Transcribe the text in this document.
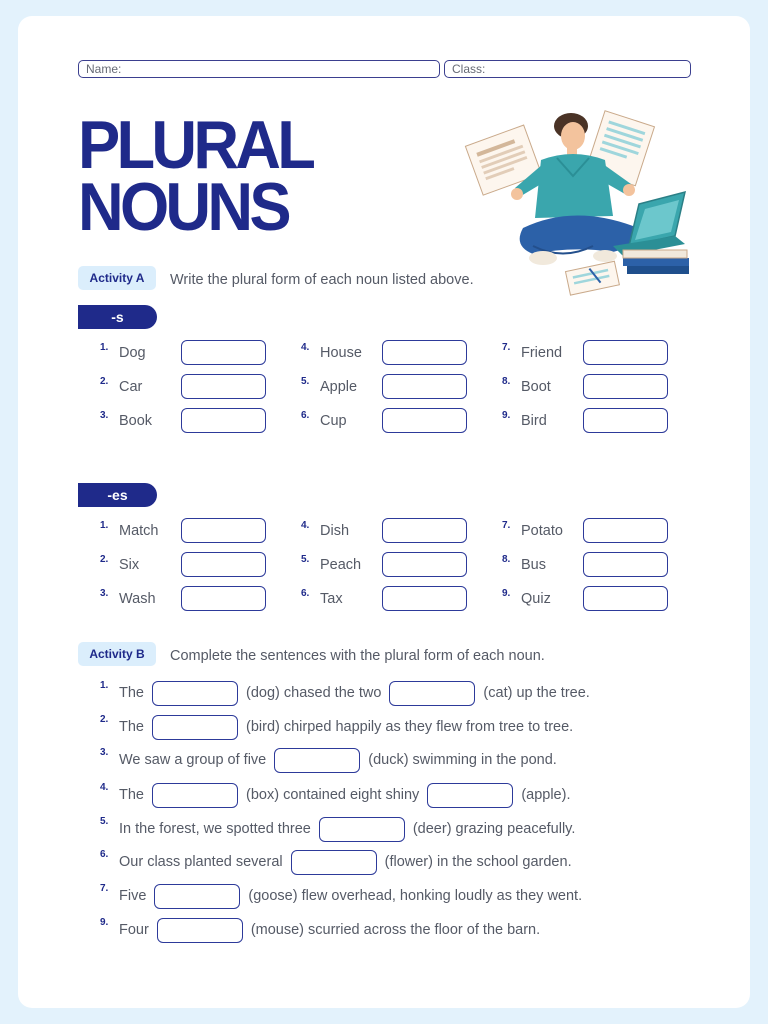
Name:	Class:
PLURAL
NOUNS
Activity A	Write the plural form of each noun listed above.
-s
1. Dog
2. Car
3. Book
4. House
5. Apple
6. Cup
7. Friend
8. Boot
9. Bird
-es
1. Match
2. Six
3. Wash
4. Dish
5. Peach
6. Tax
7. Potato
8. Bus
9. Quiz
Activity B	Complete the sentences with the plural form of each noun.
1. The	(dog) chased the two	(cat) up the tree.
2. The	(bird) chirped happily as they flew from tree to tree.
3. We saw a group of five	(duck) swimming in the pond.
4. The	(box) contained eight shiny	(apple).
5. In the forest, we spotted three	(deer) grazing peacefully.
6. Our class planted several	(flower) in the school garden.
7. Five	(goose) flew overhead, honking loudly as they went.
9. Four	(mouse) scurried across the floor of the barn.
